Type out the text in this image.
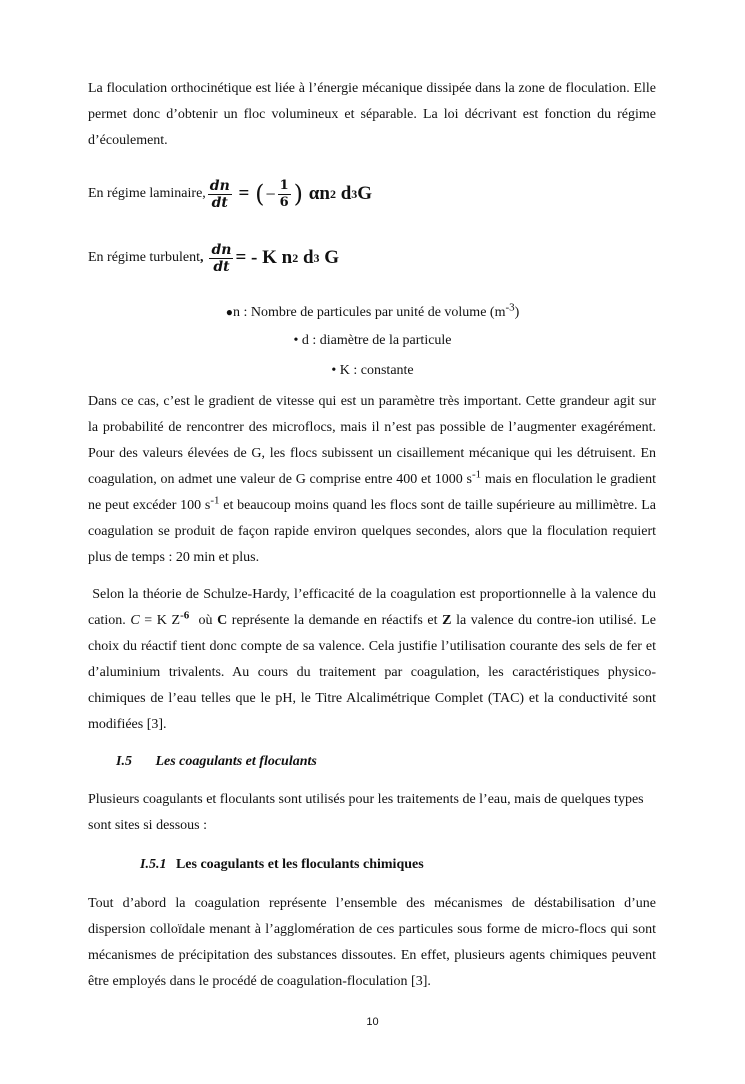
La floculation orthocinétique est liée à l’énergie mécanique dissipée dans la zone de floculation. Elle permet donc d’obtenir un floc volumineux et séparable. La loi décrivant est fonction du régime d’écoulement.

En régime laminaire, $\frac{dn}{dt}$ = ( − $\frac{1}{6}$ ) αn 2 d 3 G
En régime turbulent , $\frac{dn}{dt}$ = - K n 2 d 3 G
●n : Nombre de particules par unité de volume $(m^{-3})$
• d : diamètre de la particule
• K : constante

Dans ce cas, c’est le gradient de vitesse qui est un paramètre très important. Cette grandeur agit sur la probabilité de rencontrer des microflocs, mais il n’est pas possible de l’augmenter exagérément. Pour des valeurs élevées de G, les flocs subissent un cisaillement mécanique qui les détruisent. En coagulation, on admet une valeur de G comprise entre 400 et 1000 $s^{-1}$ mais en floculation le gradient ne peut excéder 100 $s^{-1}$ et beaucoup moins quand les flocs sont de taille supérieure au millimètre. La coagulation se produit de façon rapide environ quelques secondes, alors que la floculation requiert plus de temps : 20 min et plus.

Selon la théorie de Schulze-Hardy, l’efficacité de la coagulation est proportionnelle à la valence du cation. C = K $Z^{-6}$  où C représente la demande en réactifs et Z la valence du contre-ion utilisé. Le choix du réactif tient donc compte de sa valence. Cela justifie l’utilisation courante des sels de fer et d’aluminium trivalents. Au cours du traitement par coagulation, les caractéristiques physico-chimiques de l’eau telles que le pH, le Titre Alcalimétrique Complet (TAC) et la conductivité sont modifiées [3].

I.5 Les coagulants et floculants

Plusieurs coagulants et floculants sont utilisés pour les traitements de l’eau, mais de quelques types sont sites si dessous :

I.5.1 Les coagulants et les floculants chimiques

Tout d’abord la coagulation représente l’ensemble des mécanismes de déstabilisation d’une dispersion colloïdale menant à l’agglomération de ces particules sous forme de micro-flocs qui sont mécanismes de précipitation des substances dissoutes. En effet, plusieurs agents chimiques peuvent être employés dans le procédé de coagulation-floculation [3].

10
